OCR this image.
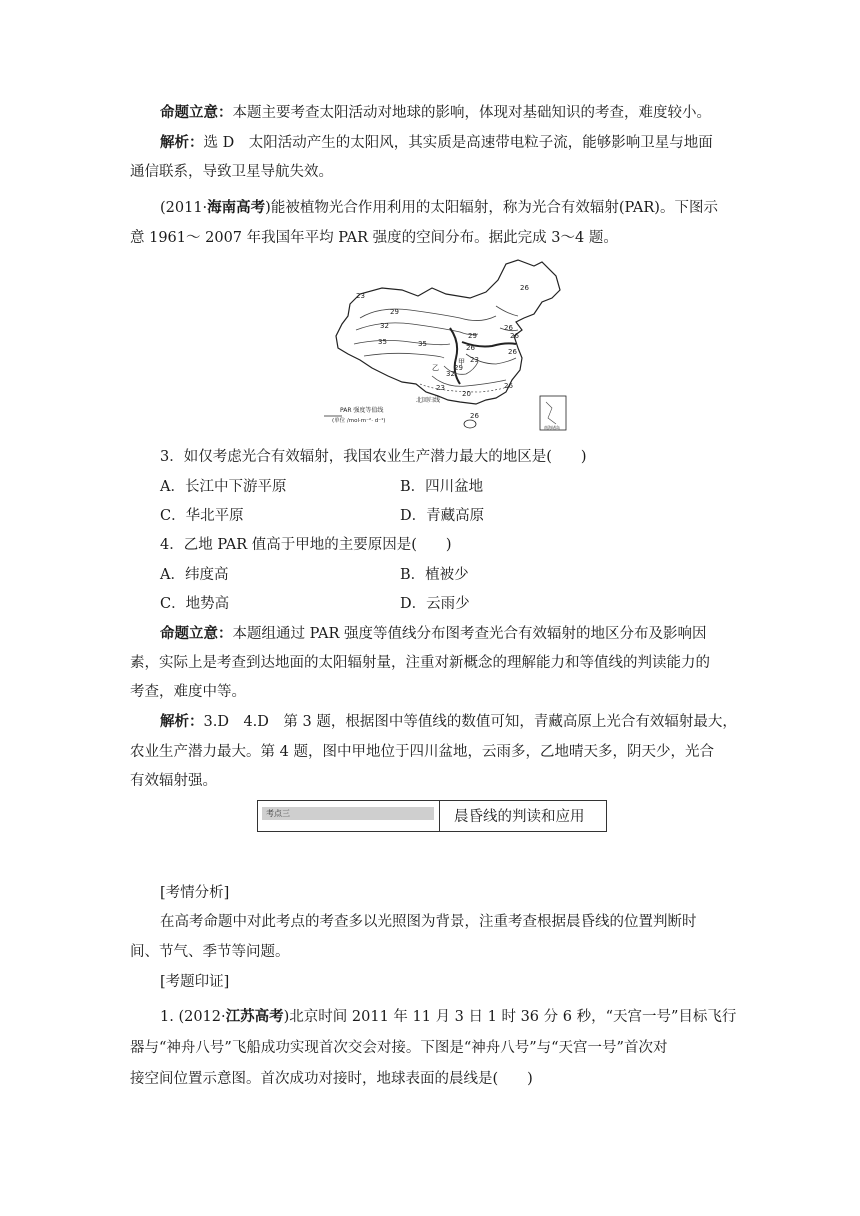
命题立意：本题主要考查太阳活动对地球的影响，体现对基础知识的考查，难度较小。
解析：选 D　太阳活动产生的太阳风，其实质是高速带电粒子流，能够影响卫星与地面
通信联系，导致卫星导航失效。
(2011·海南高考)能被植物光合作用利用的太阳辐射，称为光合有效辐射(PAR)。下图示
意 1961～ 2007 年我国年平均 PAR 强度的空间分布。据此完成 3～4 题。
23
26
29
32
35	35
29
26
23
26
26
29
32
20
26
23
26
26
甲
乙
北回归线
PAR 强度等值线
(单位 /mol·m⁻²· d⁻¹)
南海诸岛
3．如仅考虑光合有效辐射，我国农业生产潜力最大的地区是(　　)
A．长江中下游平原	B．四川盆地
C．华北平原	D．青藏高原
4．乙地 PAR 值高于甲地的主要原因是(　　)
A．纬度高	B．植被少
C．地势高	D．云雨少
命题立意：本题组通过 PAR 强度等值线分布图考查光合有效辐射的地区分布及影响因
素，实际上是考查到达地面的太阳辐射量，注重对新概念的理解能力和等值线的判读能力的
考查，难度中等。
解析：3.D　4.D　第 3 题，根据图中等值线的数值可知，青藏高原上光合有效辐射最大，
农业生产潜力最大。第 4 题，图中甲地位于四川盆地，云雨多，乙地晴天多，阴天少，光合
有效辐射强。
考点三	晨昏线的判读和应用
[考情分析]
在高考命题中对此考点的考查多以光照图为背景，注重考查根据晨昏线的位置判断时
间、节气、季节等问题。
[考题印证]
1. (2012·江苏高考)北京时间 2011 年 11 月 3 日 1 时 36 分 6 秒，“天宫一号”目标飞行
器与“神舟八号”飞船成功实现首次交会对接。下图是“神舟八号”与“天宫一号”首次对
接空间位置示意图。首次成功对接时，地球表面的晨线是(　　)
